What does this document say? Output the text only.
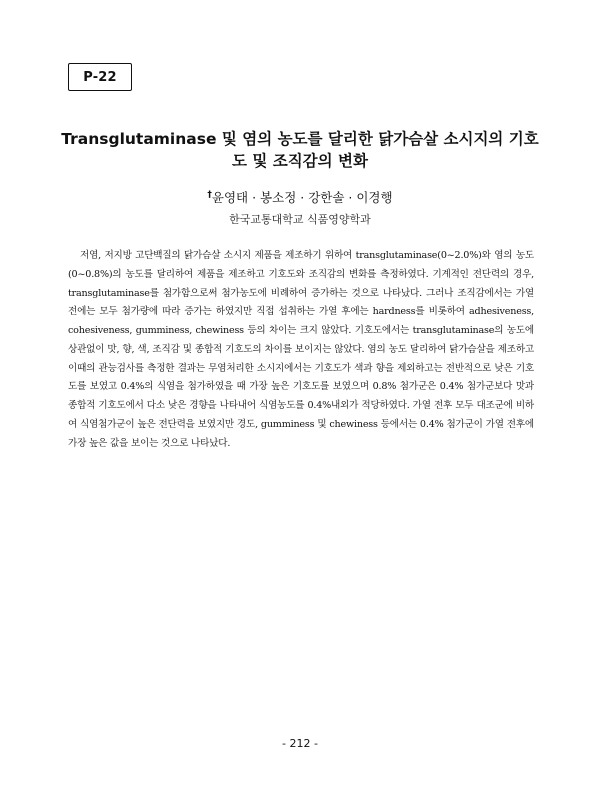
P-22
Transglutaminase 및 염의 농도를 달리한 닭가슴살 소시지의 기호도 및 조직감의 변화
†윤영태 · 봉소정 · 강한솔 · 이경행
한국교통대학교 식품영양학과

저염, 저지방 고단백질의 닭가슴살 소시지 제품을 제조하기 위하여 transglutaminase(0~2.0%)와 염의 농도(0~0.8%)의 농도를 달리하여 제품을 제조하고 기호도와 조직감의 변화를 측정하였다. 기계적인 전단력의 경우, transglutaminase를 첨가함으로써 첨가농도에 비례하여 증가하는 것으로 나타났다. 그러나 조직감에서는 가열 전에는 모두 첨가량에 따라 증가는 하였지만 직접 섭취하는 가열 후에는 hardness를 비롯하여 adhesiveness, cohesiveness, gumminess, chewiness 등의 차이는 크지 않았다. 기호도에서는 transglutaminase의 농도에 상관없이 맛, 향, 색, 조직감 및 종합적 기호도의 차이를 보이지는 않았다. 염의 농도 달리하여 닭가슴살을 제조하고 이때의 관능검사를 측정한 결과는 무염처리한 소시지에서는 기호도가 색과 향을 제외하고는 전반적으로 낮은 기호도를 보였고 0.4%의 식염을 첨가하였을 때 가장 높은 기호도를 보였으며 0.8% 첨가군은 0.4% 첨가군보다 맛과 종합적 기호도에서 다소 낮은 경향을 나타내어 식염농도를 0.4%내외가 적당하였다. 가열 전후 모두 대조군에 비하여 식염첨가군이 높은 전단력을 보였지만 경도, gumminess 및 chewiness 등에서는 0.4% 첨가군이 가열 전후에 가장 높은 값을 보이는 것으로 나타났다.

- 212 -
